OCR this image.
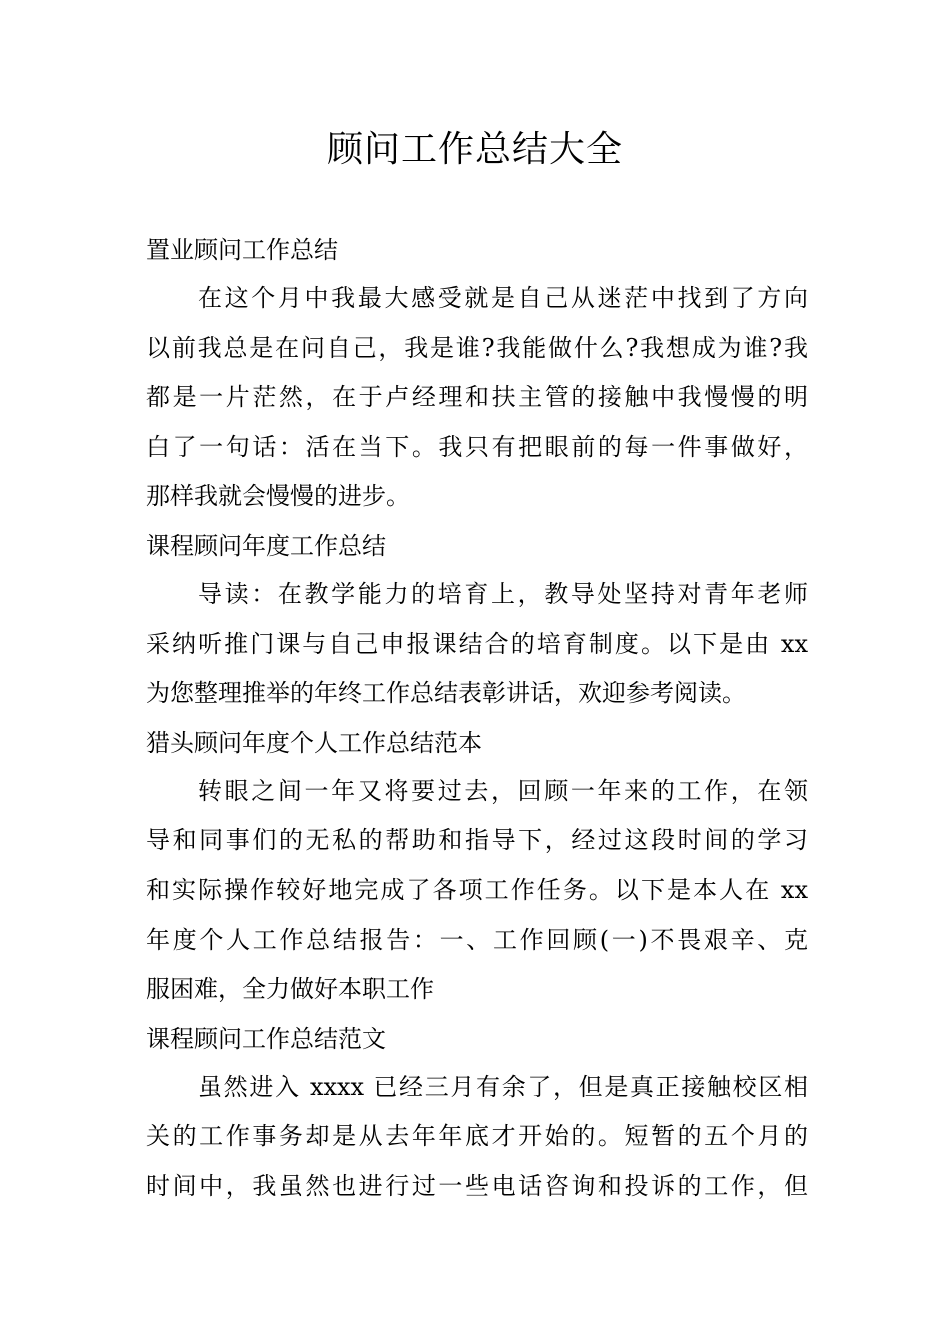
顾问工作总结大全
置业顾问工作总结
在这个月中我最大感受就是自己从迷茫中找到了方向
以前我总是在问自己，我是谁?我能做什么?我想成为谁?我
都是一片茫然，在于卢经理和扶主管的接触中我慢慢的明
白了一句话：活在当下。我只有把眼前的每一件事做好，
那样我就会慢慢的进步。
课程顾问年度工作总结
导读：在教学能力的培育上，教导处坚持对青年老师
采纳听推门课与自己申报课结合的培育制度。以下是由 xx
为您整理推举的年终工作总结表彰讲话，欢迎参考阅读。
猎头顾问年度个人工作总结范本
转眼之间一年又将要过去，回顾一年来的工作，在领
导和同事们的无私的帮助和指导下，经过这段时间的学习
和实际操作较好地完成了各项工作任务。以下是本人在 xx
年度个人工作总结报告：一、工作回顾(一)不畏艰辛、克
服困难，全力做好本职工作
课程顾问工作总结范文
虽然进入 xxxx 已经三月有余了，但是真正接触校区相
关的工作事务却是从去年年底才开始的。短暂的五个月的
时间中，我虽然也进行过一些电话咨询和投诉的工作，但
